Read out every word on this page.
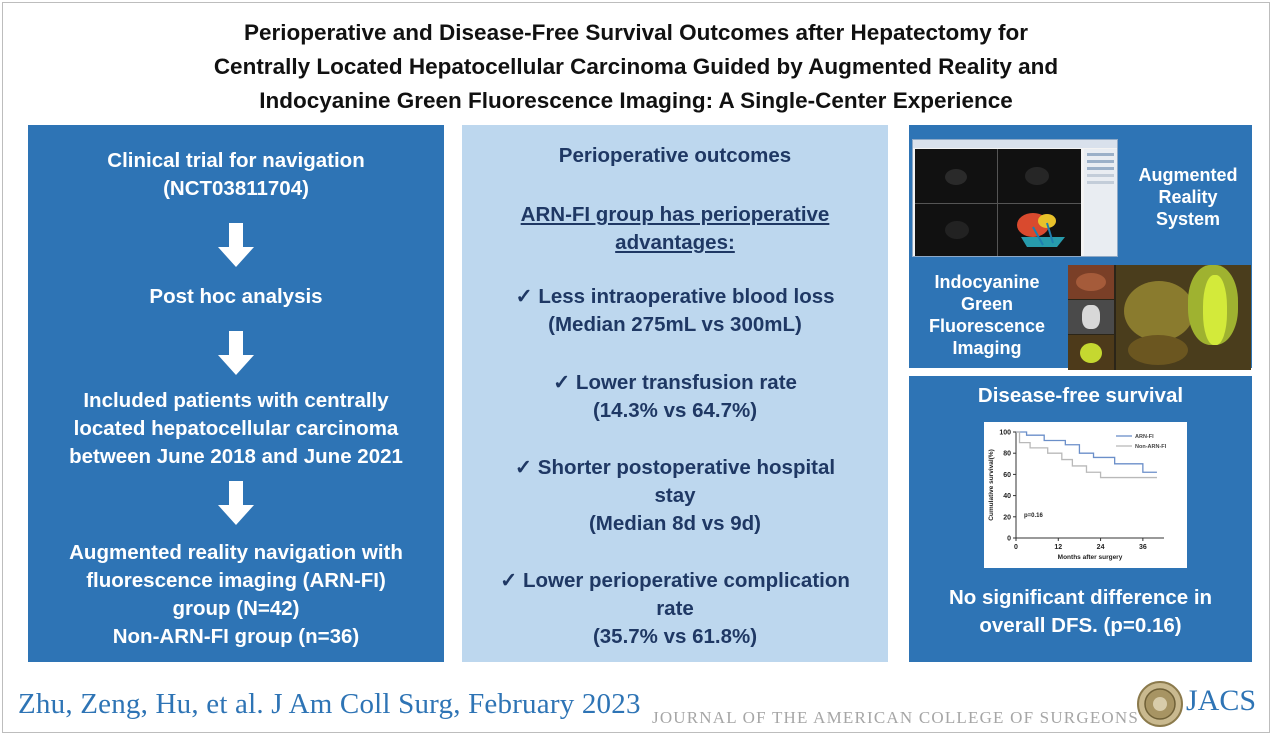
Perioperative and Disease-Free Survival Outcomes after Hepatectomy for
Centrally Located Hepatocellular Carcinoma Guided by Augmented Reality and
Indocyanine Green Fluorescence Imaging: A Single-Center Experience
Clinical trial for navigation
(NCT03811704)
Post hoc analysis
Included patients with centrally
located hepatocellular carcinoma
between June 2018 and June 2021
Augmented reality navigation with
fluorescence imaging (ARN-FI)
group (N=42)
Non-ARN-FI group (n=36)
Perioperative outcomes
ARN-FI group has perioperative
advantages:
✓ Less intraoperative blood loss
(Median 275mL vs 300mL)
✓ Lower transfusion rate
(14.3% vs 64.7%)
✓ Shorter postoperative hospital
stay
(Median 8d vs 9d)
✓ Lower perioperative complication
rate
(35.7% vs 61.8%)
Augmented
Reality
System
Indocyanine
Green
Fluorescence
Imaging
Disease-free survival
0
20
40
60
80
100
0	12	24	36
Months after surgery
Cumulative survival(%)	p=0.16
ARN-FI
Non-ARN-FI
No significant difference in
overall DFS. (p=0.16)
Zhu, Zeng, Hu, et al. J Am Coll Surg, February 2023 JOURNAL OF THE AMERICAN COLLEGE OF SURGEONS
JACS
